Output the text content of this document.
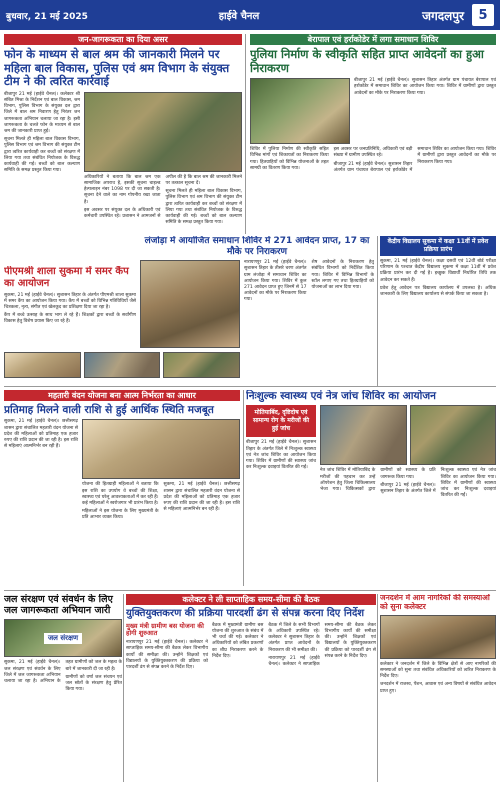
बुधवार, 21 मई 2025	हाईवे चैनल	जगदलपुर	5
जन-जागरूकता का दिया असर
फोन के माध्यम से बाल श्रम की जानकारी मिलने पर महिला बाल विकास, पुलिस एवं श्रम विभाग के संयुक्त टीम ने की त्वरित कार्रवाई

बीजापुर 21 मई (हाईवे चैनल)। कलेक्टर श्री संबित मिश्रा के निर्देशन एवं बाल विकास, श्रम विभाग, पुलिस विभाग के संयुक्त दल द्वारा जिले में बाल श्रम निवारण हेतु निरंतर जन जागरूकता अभियान चलाया जा रहा है। इसी जागरूकता के चलते फोन के माध्यम से बाल श्रम की जानकारी प्राप्त हुई।

सूचना मिलते ही महिला बाल विकास विभाग, पुलिस विभाग एवं श्रम विभाग की संयुक्त टीम द्वारा त्वरित कार्यवाही कर बच्चों को संरक्षण में लिया गया तथा संबंधित नियोजक के विरुद्ध कार्यवाही की गई। बच्चों को बाल कल्याण समिति के समक्ष प्रस्तुत किया गया।

अधिकारियों ने बताया कि बाल श्रम एक सामाजिक अपराध है, इसकी सूचना चाइल्ड हेल्पलाइन नंबर 1098 पर दी जा सकती है। सूचना देने वाले का नाम गोपनीय रखा जाता है।

इस अवसर पर संयुक्त दल के अधिकारी एवं कर्मचारी उपस्थित रहे। प्रशासन ने आमजनों से अपील की है कि बाल श्रम की जानकारी मिलने पर तत्काल सूचना दें।

सूचना मिलते ही महिला बाल विकास विभाग, पुलिस विभाग एवं श्रम विभाग की संयुक्त टीम द्वारा त्वरित कार्यवाही कर बच्चों को संरक्षण में लिया गया तथा संबंधित नियोजक के विरुद्ध कार्यवाही की गई। बच्चों को बाल कल्याण समिति के समक्ष प्रस्तुत किया गया।

बेरापाल एवं हर्राकोडेर में लगा समाधान शिविर
पुलिया निर्माण के स्वीकृति सहित प्राप्त आवेदनों का हुआ निराकरण

बीजापुर 21 मई (हाईवे चैनल)। सुशासन तिहार अंतर्गत ग्राम पंचायत बेरापाल एवं हर्राकोडेर में समाधान शिविर का आयोजन किया गया। शिविर में ग्रामीणों द्वारा प्रस्तुत आवेदनों का मौके पर निराकरण किया गया।

शिविर में पुलिया निर्माण की स्वीकृति सहित विभिन्न मांगों एवं शिकायतों का निराकरण किया गया। हितग्राहियों को विभिन्न योजनाओं के तहत सामग्री का वितरण किया गया।

इस अवसर पर जनप्रतिनिधि, अधिकारी एवं बड़ी संख्या में ग्रामीण उपस्थित रहे।

बीजापुर 21 मई (हाईवे चैनल)। सुशासन तिहार अंतर्गत ग्राम पंचायत बेरापाल एवं हर्राकोडेर में समाधान शिविर का आयोजन किया गया। शिविर में ग्रामीणों द्वारा प्रस्तुत आवेदनों का मौके पर निराकरण किया गया।

लंजोड़ा में आयोजित समाधान शिविर में 271 आवेदन प्राप्त, 17 का मौके पर निराकरण

नारायणपुर 21 मई (हाईवे चैनल)। सुशासन तिहार के तीसरे चरण अंतर्गत ग्राम लंजोड़ा में समाधान शिविर का आयोजन किया गया। शिविर में कुल 271 आवेदन प्राप्त हुए जिनमें से 17 आवेदनों का मौके पर निराकरण किया गया।

शेष आवेदनों के निराकरण हेतु संबंधित विभागों को निर्देशित किया गया। शिविर में विभिन्न विभागों के स्टॉल लगाए गए तथा हितग्राहियों को योजनाओं का लाभ दिया गया।

पीएमश्री शाला सुकमा में समर कैंप का आयोजन

सुकमा, 21 मई (हाईवे चैनल)। सुशासन तिहार के अंतर्गत पीएमश्री शाला सुकमा में समर कैंप का आयोजन किया गया। कैंप में बच्चों को विभिन्न गतिविधियों जैसे चित्रकला, नृत्य, संगीत एवं खेलकूद का प्रशिक्षण दिया जा रहा है।

कैंप में बच्चे उत्साह के साथ भाग ले रहे हैं। शिक्षकों द्वारा बच्चों के सर्वांगीण विकास हेतु विशेष प्रयास किए जा रहे हैं।

केंद्रीय विद्यालय सुकमा में कक्षा 11वीं में प्रवेश प्रक्रिया प्रारंभ

सुकमा, 21 मई (हाईवे चैनल)। कक्षा दसवीं एवं 12वीं बोर्ड परीक्षा परिणाम के पश्चात केंद्रीय विद्यालय सुकमा में कक्षा 11वीं में प्रवेश प्रक्रिया प्रारंभ कर दी गई है। इच्छुक विद्यार्थी निर्धारित तिथि तक आवेदन कर सकते हैं।

प्रवेश हेतु आवेदन पत्र विद्यालय कार्यालय में उपलब्ध है। अधिक जानकारी के लिए विद्यालय कार्यालय से संपर्क किया जा सकता है।

महतारी वंदन योजना बना आत्म निर्भरता का आधार
प्रतिमाह मिलने वाली राशि से हुई आर्थिक स्थिति मजबूत

सुकमा, 21 मई (हाईवे चैनल)। छत्तीसगढ़ शासन द्वारा संचालित महतारी वंदन योजना से प्रदेश की महिलाओं को प्रतिमाह एक हजार रुपए की राशि प्रदान की जा रही है। इस राशि से महिलाएं आत्मनिर्भर बन रही हैं।

योजना की हितग्राही महिलाओं ने बताया कि इस राशि का उपयोग वे बच्चों की शिक्षा, स्वास्थ्य एवं घरेलू आवश्यकताओं में कर रही हैं। कई महिलाओं ने स्वरोजगार भी प्रारंभ किया है।

महिलाओं ने इस योजना के लिए मुख्यमंत्री के प्रति आभार व्यक्त किया।

सुकमा, 21 मई (हाईवे चैनल)। छत्तीसगढ़ शासन द्वारा संचालित महतारी वंदन योजना से प्रदेश की महिलाओं को प्रतिमाह एक हजार रुपए की राशि प्रदान की जा रही है। इस राशि से महिलाएं आत्मनिर्भर बन रही हैं।

निःशुल्क स्वास्थ्य एवं नेत्र जांच शिविर का आयोजन
मोतियाबिंद, दृष्टिदोष एवं सामान्य रोग के मरीजों की हुई जांच

बीजापुर 21 मई (हाईवे चैनल)। सुशासन तिहार के अंतर्गत जिले में निःशुल्क स्वास्थ्य एवं नेत्र जांच शिविर का आयोजन किया गया। शिविर में ग्रामीणों की स्वास्थ्य जांच कर निःशुल्क दवाइयां वितरित की गईं।

नेत्र जांच शिविर में मोतियाबिंद के मरीजों की पहचान कर उन्हें ऑपरेशन हेतु जिला चिकित्सालय भेजा गया। चिकित्सकों द्वारा ग्रामीणों को स्वास्थ्य के प्रति जागरूक किया गया।

बीजापुर 21 मई (हाईवे चैनल)। सुशासन तिहार के अंतर्गत जिले में निःशुल्क स्वास्थ्य एवं नेत्र जांच शिविर का आयोजन किया गया। शिविर में ग्रामीणों की स्वास्थ्य जांच कर निःशुल्क दवाइयां वितरित की गईं।

जल संरक्षण एवं संवर्धन के लिए जल जागरूकता अभियान जारी
जल संरक्षण

सुकमा, 21 मई (हाईवे चैनल)। जल संरक्षण एवं संवर्धन के लिए जिले में जल जागरूकता अभियान चलाया जा रहा है। अभियान के तहत ग्रामीणों को जल के महत्व के बारे में जानकारी दी जा रही है।

ग्रामीणों को वर्षा जल संचयन एवं जल स्रोतों के संरक्षण हेतु प्रेरित किया गया।

कलेक्टर ने ली साप्ताहिक समय-सीमा की बैठक
युक्तियुक्तकरण की प्रक्रिया पारदर्शी ढंग से संपन्न करना दिए निर्देश
मुख्य मंत्री ग्रामीण बस योजना की होगी शुरुआत

नारायणपुर 21 मई (हाईवे चैनल)। कलेक्टर ने साप्ताहिक समय-सीमा की बैठक लेकर विभागीय कार्यों की समीक्षा की। उन्होंने शिक्षकों एवं विद्यालयों के युक्तियुक्तकरण की प्रक्रिया को पारदर्शी ढंग से संपन्न करने के निर्देश दिए।

बैठक में मुख्यमंत्री ग्रामीण बस योजना की शुरुआत के संबंध में भी चर्चा की गई। कलेक्टर ने अधिकारियों को लंबित प्रकरणों का शीघ्र निराकरण करने के निर्देश दिए।

बैठक में जिले के सभी विभागों के अधिकारी उपस्थित रहे। कलेक्टर ने सुशासन तिहार के अंतर्गत प्राप्त आवेदनों के निराकरण की भी समीक्षा की।

नारायणपुर 21 मई (हाईवे चैनल)। कलेक्टर ने साप्ताहिक समय-सीमा की बैठक लेकर विभागीय कार्यों की समीक्षा की। उन्होंने शिक्षकों एवं विद्यालयों के युक्तियुक्तकरण की प्रक्रिया को पारदर्शी ढंग से संपन्न करने के निर्देश दिए।

जनदर्शन में आम नागरिकों की समस्याओं को सुना कलेक्टर

कलेक्टर ने जनदर्शन में जिले के विभिन्न क्षेत्रों से आए नागरिकों की समस्याओं को सुना तथा संबंधित अधिकारियों को त्वरित निराकरण के निर्देश दिए।

जनदर्शन में राजस्व, पेंशन, आवास एवं अन्य विषयों से संबंधित आवेदन प्राप्त हुए।
